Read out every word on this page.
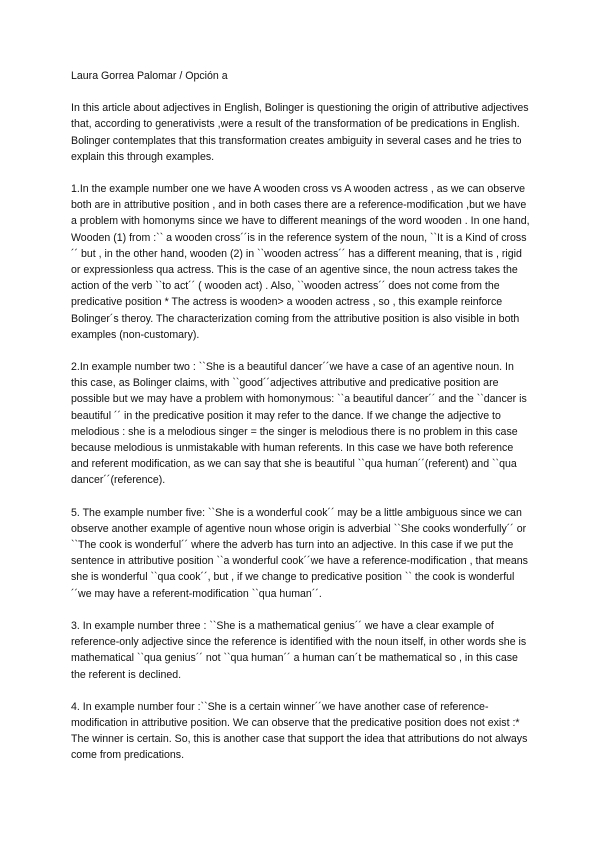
Laura Gorrea Palomar / Opción a

In this article about adjectives in English, Bolinger is questioning the origin of attributive adjectives that, according to generativists ,were a result of the transformation of be predications in English. Bolinger contemplates that this transformation creates ambiguity in several cases and he tries to explain this through examples.

1.In the example number one we have A wooden cross vs A wooden actress , as we can observe both are in attributive position , and in both cases there are a reference-modification ,but we have a problem with homonyms since we have to different meanings of the word wooden . In one hand, Wooden (1) from :`` a wooden cross´´is in the reference system of the noun, ``It is a Kind of cross´´ but , in the other hand, wooden (2) in ``wooden actress´´ has a different meaning, that is , rigid or expressionless qua actress. This is the case of an agentive since, the noun actress takes the action of the verb ``to act´´ ( wooden act) . Also, ``wooden actress´´ does not come from the predicative position * The actress is wooden> a wooden actress , so , this example reinforce Bolinger´s theroy. The characterization coming from the attributive position is also visible in both examples (non-customary).

2.In example number two : ``She is a beautiful dancer´´we have a case of an agentive noun. In this case, as Bolinger claims, with ``good´´adjectives attributive and predicative position are possible but we may have a problem with homonymous: ``a beautiful dancer´´ and the ``dancer is beautiful ´´ in the predicative position it may refer to the dance. If we change the adjective to melodious : she is a melodious singer = the singer is melodious there is no problem in this case because melodious is unmistakable with human referents. In this case we have both reference and referent modification, as we can say that she is beautiful ``qua human´´(referent) and ``qua dancer´´(reference).

5. The example number five: ``She is a wonderful cook´´ may be a little ambiguous since we can observe another example of agentive noun whose origin is adverbial ``She cooks wonderfully´´ or ``The cook is wonderful´´ where the adverb has turn into an adjective. In this case if we put the sentence in attributive position ``a wonderful cook´´we have a reference-modification , that means she is wonderful ``qua cook´´, but , if we change to predicative position `` the cook is wonderful´´we may have a referent-modification ``qua human´´.

3. In example number three : ``She is a mathematical genius´´ we have a clear example of reference-only adjective since the reference is identified with the noun itself, in other words she is mathematical ``qua genius´´ not ``qua human´´ a human can´t be mathematical so , in this case the referent is declined.

4. In example number four :``She is a certain winner´´we have another case of reference-modification in attributive position. We can observe that the predicative position does not exist :* The winner is certain. So, this is another case that support the idea that attributions do not always come from predications.
